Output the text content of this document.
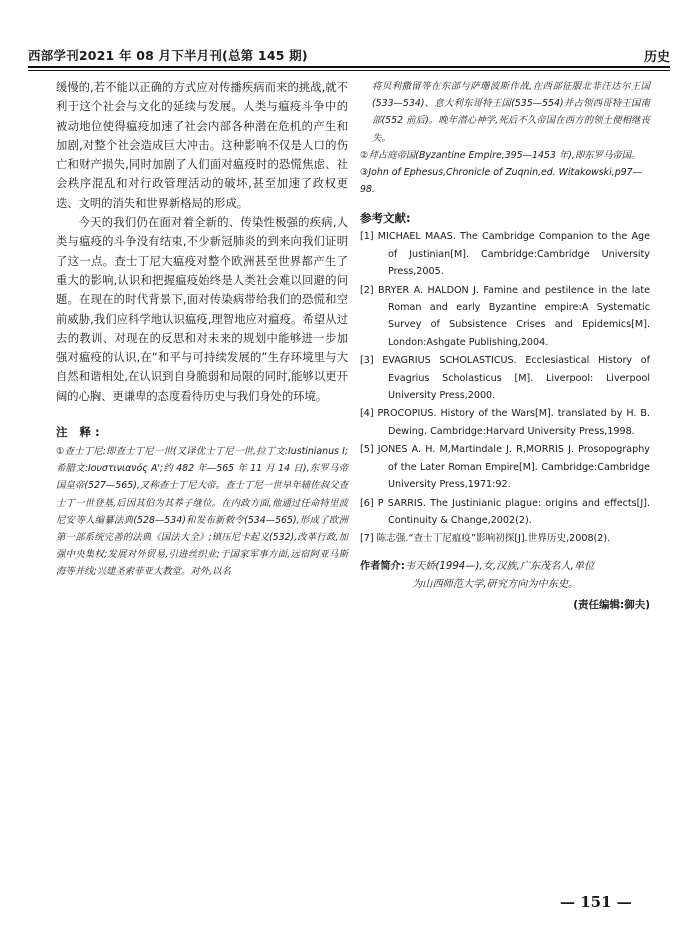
西部学刊2021 年 08 月下半月刊(总第 145 期)	历史

缓慢的,若不能以正确的方式应对传播疾病而来的挑战,就不利于这个社会与文化的延续与发展。人类与瘟疫斗争中的被动地位使得瘟疫加速了社会内部各种潜在危机的产生和加剧,对整个社会造成巨大冲击。这种影响不仅是人口的伤亡和财产损失,同时加剧了人们面对瘟疫时的恐慌焦虑、社会秩序混乱和对行政管理活动的破坏,甚至加速了政权更迭、文明的消失和世界新格局的形成。

今天的我们仍在面对着全新的、传染性极强的疾病,人类与瘟疫的斗争没有结束,不少新冠肺炎的到来向我们证明了这一点。查士丁尼大瘟疫对整个欧洲甚至世界都产生了重大的影响,认识和把握瘟疫始终是人类社会难以回避的问题。在现在的时代背景下,面对传染病带给我们的恐慌和空前威胁,我们应科学地认识瘟疫,理智地应对瘟疫。希望从过去的教训、对现在的反思和对未来的规划中能够进一步加强对瘟疫的认识,在“和平与可持续发展的”生存环境里与大自然和谐相处,在认识到自身脆弱和局限的同时,能够以更开阔的心胸、更谦卑的态度看待历史与我们身处的环境。

注 释:

①查士丁尼:即查士丁尼一世(又译优士丁尼一世,拉丁文:Iustinianus I;希腊文:Ιουστινιανός Α';约 482 年—565 年 11 月 14 日),东罗马帝国皇帝(527—565),又称查士丁尼大帝。查士丁尼一世早年辅佐叔父查士丁一世登基,后因其伯为其养子继位。在内政方面,他通过任命特里波尼安等人编纂法典(528—534)和发布新敕令(534—565),形成了欧洲第一部系统完善的法典《国法大全》;镇压尼卡起义(532),改革行政,加强中央集权;发展对外贸易,引进丝织业;于国家军事方面,远宿阿亚马斯海等并线;兴建圣索菲亚大教堂。对外,以名

将贝利撒留等在东部与萨珊波斯作战,在西部征服北非汪达尔王国(533—534)、意大利东哥特王国(535—554)并占领西哥特王国南部(552 前后)。晚年潜心神学,死后不久帝国在西方的领土便相继丧失。

②拜占庭帝国(Byzantine Empire,395—1453 年),即东罗马帝国。

③John of Ephesus,Chronicle of Zuqnin,ed. Witakowski,p97—98.

参考文献:

[1] MICHAEL MAAS. The Cambridge Companion to the Age of Justinian[M]. Cambridge:Cambridge University Press,2005.

[2] BRYER A. HALDON J. Famine and pestilence in the late Roman and early Byzantine empire:A Systematic Survey of Subsistence Crises and Epidemics[M]. London:Ashgate Publishing,2004.

[3] EVAGRIUS SCHOLASTICUS. Ecclesiastical History of Evagrius Scholasticus [M]. Liverpool: Liverpool University Press,2000.

[4] PROCOPIUS. History of the Wars[M]. translated by H. B. Dewing. Cambridge:Harvard University Press,1998.

[5] JONES A. H. M,Martindale J. R,MORRIS J. Prosopography of the Later Roman Empire[M]. Cambridge:Cambridge University Press,1971:92.

[6] P SARRIS. The Justinianic plague: origins and effects[J]. Continuity & Change,2002(2).

[7] 陈志强.“查士丁尼瘟疫”影响初探[J].世界历史,2008(2).

作者简介:韦天娇(1994—),女,汉族,广东茂名人,单位
为山西师范大学,研究方向为中东史。
(责任编辑:御夫)
— 151 —
